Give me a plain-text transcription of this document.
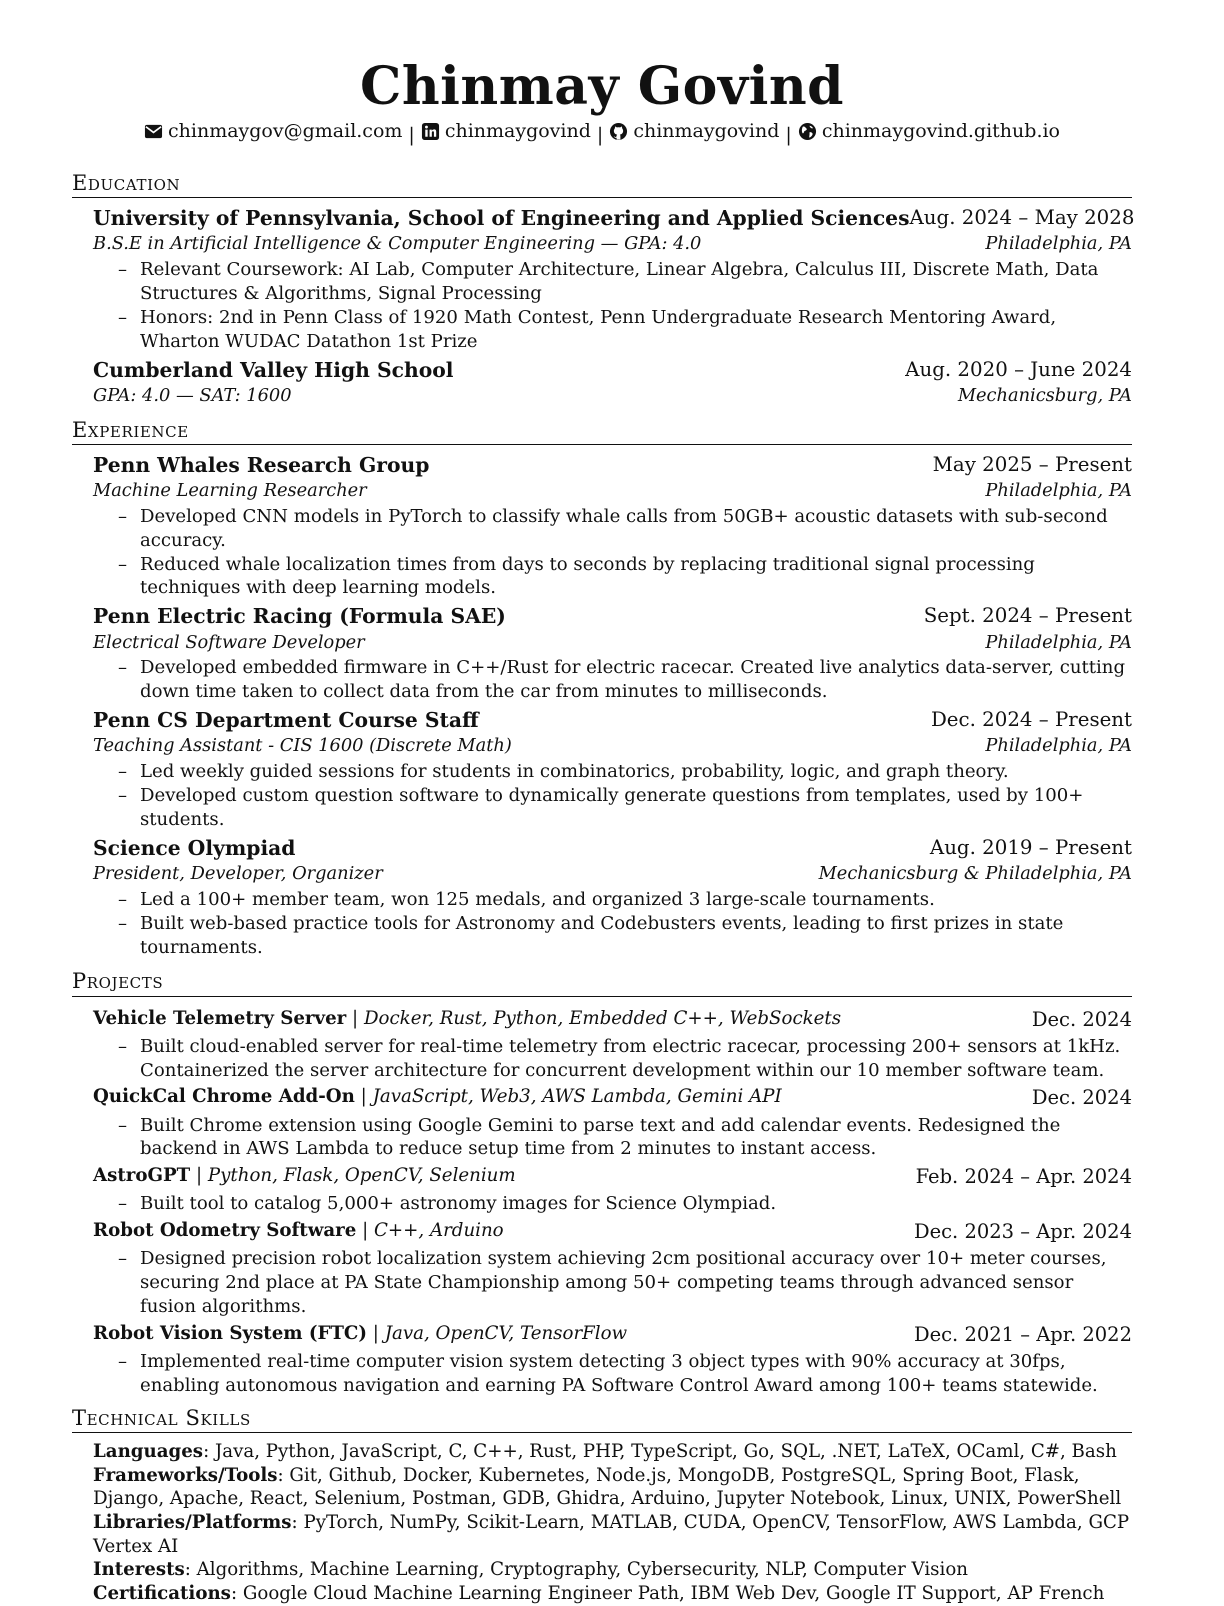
Chinmay Govind
chinmaygov@gmail.com | chinmaygovind | chinmaygovind | chinmaygovind.github.io
Education
University of Pennsylvania, School of Engineering and Applied Sciences Aug. 2024 – May 2028
B.S.E in Artificial Intelligence & Computer Engineering — GPA: 4.0	Philadelphia, PA
– Relevant Coursework: AI Lab, Computer Architecture, Linear Algebra, Calculus III, Discrete Math, Data Structures & Algorithms, Signal Processing
– Honors: 2nd in Penn Class of 1920 Math Contest, Penn Undergraduate Research Mentoring Award, Wharton WUDAC Datathon 1st Prize
Cumberland Valley High School	Aug. 2020 – June 2024
GPA: 4.0 — SAT: 1600	Mechanicsburg, PA
Experience
Penn Whales Research Group	May 2025 – Present
Machine Learning Researcher	Philadelphia, PA
– Developed CNN models in PyTorch to classify whale calls from 50GB+ acoustic datasets with sub-second accuracy.
– Reduced whale localization times from days to seconds by replacing traditional signal processing techniques with deep learning models.
Penn Electric Racing (Formula SAE)	Sept. 2024 – Present
Electrical Software Developer	Philadelphia, PA
– Developed embedded firmware in C++/Rust for electric racecar. Created live analytics data-server, cutting down time taken to collect data from the car from minutes to milliseconds.
Penn CS Department Course Staff	Dec. 2024 – Present
Teaching Assistant - CIS 1600 (Discrete Math)	Philadelphia, PA
– Led weekly guided sessions for students in combinatorics, probability, logic, and graph theory.
– Developed custom question software to dynamically generate questions from templates, used by 100+ students.
Science Olympiad	Aug. 2019 – Present
President, Developer, Organizer	Mechanicsburg & Philadelphia, PA
– Led a 100+ member team, won 125 medals, and organized 3 large-scale tournaments.
– Built web-based practice tools for Astronomy and Codebusters events, leading to first prizes in state tournaments.
Projects
Vehicle Telemetry Server | Docker, Rust, Python, Embedded C++, WebSockets	Dec. 2024
– Built cloud-enabled server for real-time telemetry from electric racecar, processing 200+ sensors at 1kHz. Containerized the server architecture for concurrent development within our 10 member software team.
QuickCal Chrome Add-On | JavaScript, Web3, AWS Lambda, Gemini API	Dec. 2024
– Built Chrome extension using Google Gemini to parse text and add calendar events. Redesigned the backend in AWS Lambda to reduce setup time from 2 minutes to instant access.
AstroGPT | Python, Flask, OpenCV, Selenium	Feb. 2024 – Apr. 2024
– Built tool to catalog 5,000+ astronomy images for Science Olympiad.
Robot Odometry Software | C++, Arduino	Dec. 2023 – Apr. 2024
– Designed precision robot localization system achieving 2cm positional accuracy over 10+ meter courses, securing 2nd place at PA State Championship among 50+ competing teams through advanced sensor fusion algorithms.
Robot Vision System (FTC) | Java, OpenCV, TensorFlow	Dec. 2021 – Apr. 2022
– Implemented real-time computer vision system detecting 3 object types with 90% accuracy at 30fps, enabling autonomous navigation and earning PA Software Control Award among 100+ teams statewide.
Technical Skills
Languages: Java, Python, JavaScript, C, C++, Rust, PHP, TypeScript, Go, SQL, .NET, LaTeX, OCaml, C#, Bash
Frameworks/Tools: Git, Github, Docker, Kubernetes, Node.js, MongoDB, PostgreSQL, Spring Boot, Flask, Django, Apache, React, Selenium, Postman, GDB, Ghidra, Arduino, Jupyter Notebook, Linux, UNIX, PowerShell
Libraries/Platforms: PyTorch, NumPy, Scikit-Learn, MATLAB, CUDA, OpenCV, TensorFlow, AWS Lambda, GCP Vertex AI
Interests: Algorithms, Machine Learning, Cryptography, Cybersecurity, NLP, Computer Vision
Certifications: Google Cloud Machine Learning Engineer Path, IBM Web Dev, Google IT Support, AP French
